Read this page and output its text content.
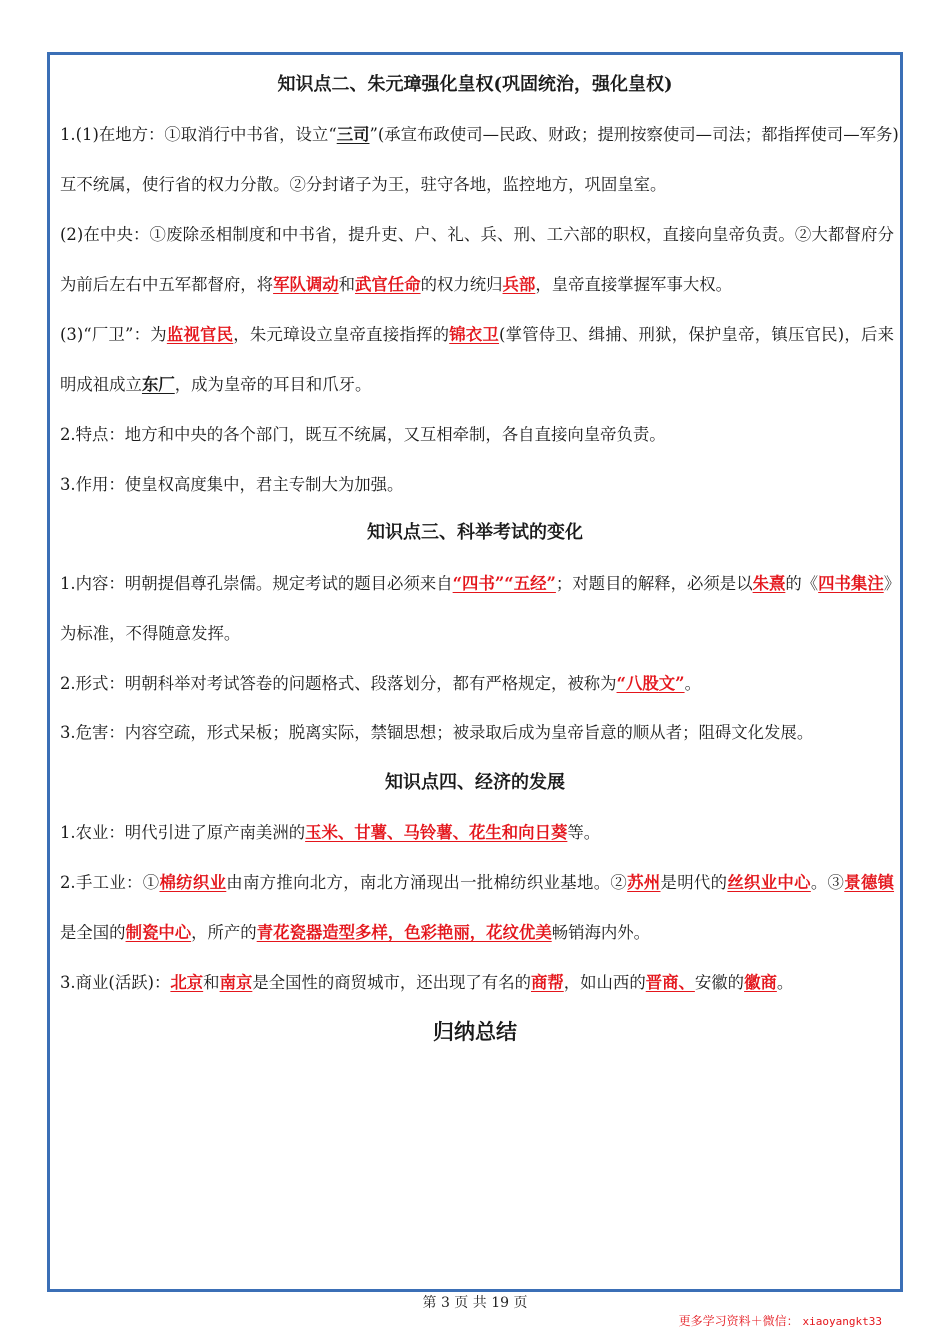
知识点二、朱元璋强化皇权(巩固统治，强化皇权)
1.(1)在地方：①取消行中书省，设立“三司”(承宣布政使司—民政、财政；提刑按察使司—司法；都指挥使司—军务)
互不统属，使行省的权力分散。②分封诸子为王，驻守各地，监控地方，巩固皇室。
(2)在中央：①废除丞相制度和中书省，提升吏、户、礼、兵、刑、工六部的职权，直接向皇帝负责。②大都督府分
为前后左右中五军都督府，将军队调动和武官任命的权力统归兵部，皇帝直接掌握军事大权。
(3)“厂卫”：为监视官民，朱元璋设立皇帝直接指挥的锦衣卫(掌管侍卫、缉捕、刑狱，保护皇帝，镇压官民)，后来
明成祖成立东厂，成为皇帝的耳目和爪牙。
2.特点：地方和中央的各个部门，既互不统属，又互相牵制，各自直接向皇帝负责。
3.作用：使皇权高度集中，君主专制大为加强。
知识点三、科举考试的变化
1.内容：明朝提倡尊孔崇儒。规定考试的题目必须来自“四书”“五经”；对题目的解释，必须是以朱熹的《四书集注》
为标准，不得随意发挥。
2.形式：明朝科举对考试答卷的问题格式、段落划分，都有严格规定，被称为“八股文”。
3.危害：内容空疏，形式呆板；脱离实际，禁锢思想；被录取后成为皇帝旨意的顺从者；阻碍文化发展。
知识点四、经济的发展
1.农业：明代引进了原产南美洲的玉米、甘薯、马铃薯、花生和向日葵等。
2.手工业：①棉纺织业由南方推向北方，南北方涌现出一批棉纺织业基地。②苏州是明代的丝织业中心。③景德镇
是全国的制瓷中心，所产的青花瓷器造型多样，色彩艳丽，花纹优美畅销海内外。
3.商业(活跃)：北京和南京是全国性的商贸城市，还出现了有名的商帮，如山西的晋商、安徽的徽商。
归纳总结
第 3 页 共 19 页
更多学习资料＋微信： xiaoyangkt33
